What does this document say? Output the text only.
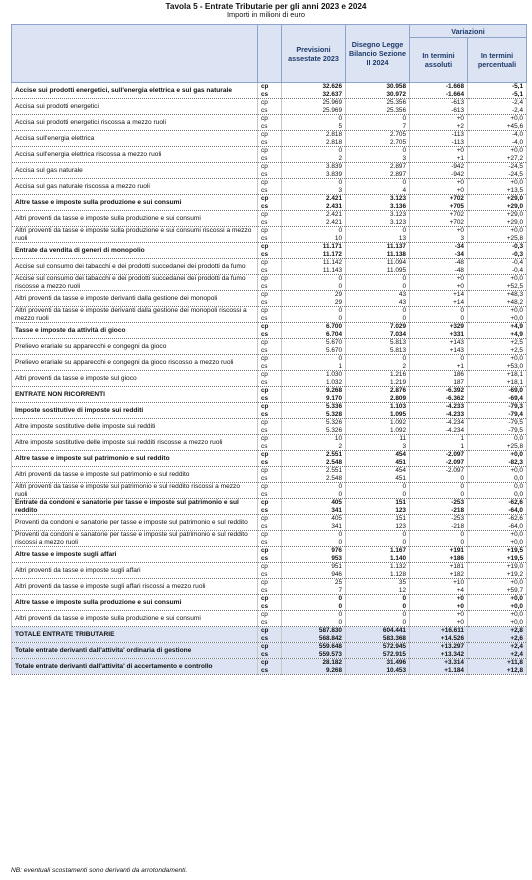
Tavola 5 - Entrate Tributarie per gli anni 2023 e 2024
Importi in milioni di euro
		Previsioni assestate 2023	Disegno Legge Bilancio Sezione II 2024	Variazioni	
				In termini assoluti	In termini percentuali
Accise sui prodotti energetici, sull'energia elettrica e sul gas naturale	cp	32.626	30.958	-1.668	-5,1
	cs	32.637	30.972	-1.664	-5,1
Accisa sui prodotti energetici	cp	25.969	25.356	-613	-2,4
	cs	25.969	25.356	-613	-2,4
Accisa sui prodotti energetici riscossa a mezzo ruoli	cp	0	0	+0	+0,0
	cs	5	7	+2	+45,6
Accisa sull'energia elettrica	cp	2.818	2.705	-113	-4,0
	cs	2.818	2.705	-113	-4,0
Accisa sull'energia elettrica riscossa a mezzo ruoli	cp	0	0	+0	+0,0
	cs	2	3	+1	+27,2
Accisa sul gas naturale	cp	3.839	2.897	-942	-24,5
	cs	3.839	2.897	-942	-24,5
Accisa sul gas naturale riscossa a mezzo ruoli	cp	0	0	+0	+0,0
	cs	3	4	+0	+13,5
Altre tasse e imposte sulla produzione e sui consumi	cp	2.421	3.123	+702	+29,0
	cs	2.431	3.136	+705	+29,0
Altri proventi da tasse e imposte sulla produzione e sui consumi	cp	2.421	3.123	+702	+29,0
	cs	2.421	3.123	+702	+29,0
Altri proventi da tasse e imposte sulla produzione e sui consumi riscossi a mezzo ruoli	cp	0	0	+0	+0,0
	cs	10	13	3	+25,8
Entrate da vendita di generi di monopolio	cp	11.171	11.137	-34	-0,3
	cs	11.172	11.138	-34	-0,3
Accise sul consumo dei tabacchi e dei prodotti succedanei dei prodotti da fumo	cp	11.142	11.094	-48	-0,4
	cs	11.143	11.095	-48	-0,4
Accise sul consumo dei tabacchi e dei prodotti succedanei dei prodotti da fumo riscosse a mezzo ruoli	cp	0	0	+0	+0,0
	cs	0	0	+0	+52,5
Altri proventi da tasse e imposte derivanti dalla gestione dei monopoli	cp	29	43	+14	+48,3
	cs	29	43	+14	+48,2
Altri proventi da tasse e imposte derivanti dalla gestione dei monopoli riscossi a mezzo ruoli	cp	0	0	0	+0,0
	cs	0	0	0	+0,0
Tasse e imposte da attività di gioco	cp	6.700	7.029	+329	+4,9
	cs	6.704	7.034	+331	+4,9
Prelievo erariale su apparecchi e congegni da gioco	cp	5.670	5.813	+143	+2,5
	cs	5.670	5.813	+143	+2,5
Prelievo erariale su apparecchi e congegni da gioco riscosso a mezzo ruoli	cp	0	0	0	+0,0
	cs	1	2	+1	+53,0
Altri proventi da tasse e imposte sul gioco	cp	1.030	1.216	186	+18,1
	cs	1.032	1.219	187	+18,1
ENTRATE NON RICORRENTI	cp	9.268	2.876	-6.392	-69,0
	cs	9.170	2.809	-6.362	-69,4
Imposte sostitutive di imposte sui redditi	cp	5.336	1.103	-4.233	-79,3
	cs	5.328	1.095	-4.233	-79,4
Altre imposte sostitutive delle imposte sui redditi	cp	5.326	1.092	-4.234	-79,5
	cs	5.326	1.092	-4.234	-79,5
Altre imposte sostitutive delle imposte sui redditi riscosse a mezzo ruoli	cp	10	11	1	0,0
	cs	2	3	1	+25,8
Altre tasse e imposte sul patrimonio e sul reddito	cp	2.551	454	-2.097	+0,0
	cs	2.548	451	-2.097	-82,3
Altri proventi da tasse e imposte sul patrimonio e sul reddito	cp	2.551	454	-2.097	+0,0
	cs	2.548	451	0	0,0
Altri proventi da tasse e imposte sul patrimonio e sul reddito riscossi a mezzo ruoli	cp	0	0	0	0,0
	cs	0	0	0	0,0
Entrate da condoni e sanatorie per tasse e imposte sul patrimonio e sul reddito	cp	405	151	-253	-62,6
	cs	341	123	-218	-64,0
Proventi da condoni e sanatorie per tasse e imposte sul patrimonio e sul reddito	cp	405	151	-253	-62,6
	cs	341	123	-218	-64,0
Proventi da condoni e sanatorie per tasse e imposte sul patrimonio e sul reddito riscossi a mezzo ruoli	cp	0	0	0	+0,0
	cs	0	0	0	+0,0
Altre tasse e imposte sugli affari	cp	976	1.167	+191	+19,5
	cs	953	1.140	+186	+19,5
Altri proventi da tasse e imposte sugli affari	cp	951	1.132	+181	+19,0
	cs	946	1.128	+182	+19,2
Altri proventi da tasse e imposte sugli affari riscossi a mezzo ruoli	cp	25	35	+10	+0,0
	cs	7	12	+4	+59,7
Altre tasse e imposte sulla produzione e sui consumi	cp	0	0	+0	+0,0
	cs	0	0	+0	+0,0
Altri proventi da tasse e imposte sulla produzione e sui consumi	cp	0	0	+0	+0,0
	cs	0	0	+0	+0,0
TOTALE ENTRATE TRIBUTARIE	cp	587.830	604.441	+16.611	+2,8
	cs	568.842	583.368	+14.526	+2,6
Totale entrate derivanti dall'attivita' ordinaria di gestione	cp	559.648	572.945	+13.297	+2,4
	cs	559.573	572.915	+13.342	+2,4
Totale entrate derivanti dall'attivita' di accertamento e controllo	cp	28.182	31.496	+3.314	+11,8
	cs	9.268	10.453	+1.184	+12,8
NB: eventuali scostamenti sono derivanti da arrotondamenti.
